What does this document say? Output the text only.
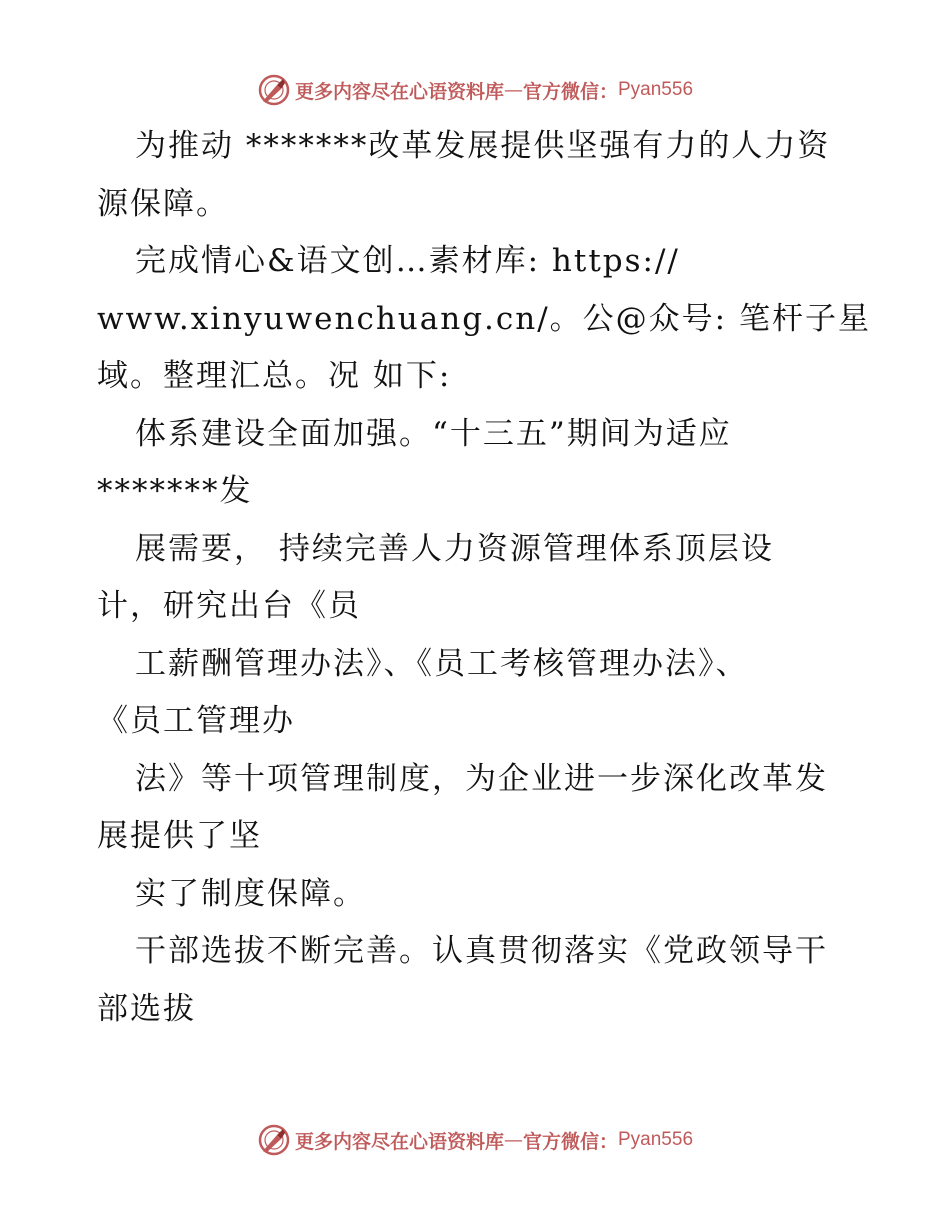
更多内容尽在心语资料库 — 官方微信： Pyan556
为推动 *******改革发展提供坚强有力的人力资
源保障。
完成情心&语文创…素材库: https://
www.xinyuwenchuang.cn/。公@众号: 笔杆子星
域。整理汇总。况 如下:
体系建设全面加强。“十三五”期间为适应
*******发
展需要， 持续完善人力资源管理体系顶层设
计，研究出台《员
工薪酬管理办法》、《员工考核管理办法》、
《员工管理办
法》等十项管理制度，为企业进一步深化改革发
展提供了坚
实了制度保障。
干部选拔不断完善。认真贯彻落实《党政领导干
部选拔
更多内容尽在心语资料库 — 官方微信： Pyan556
